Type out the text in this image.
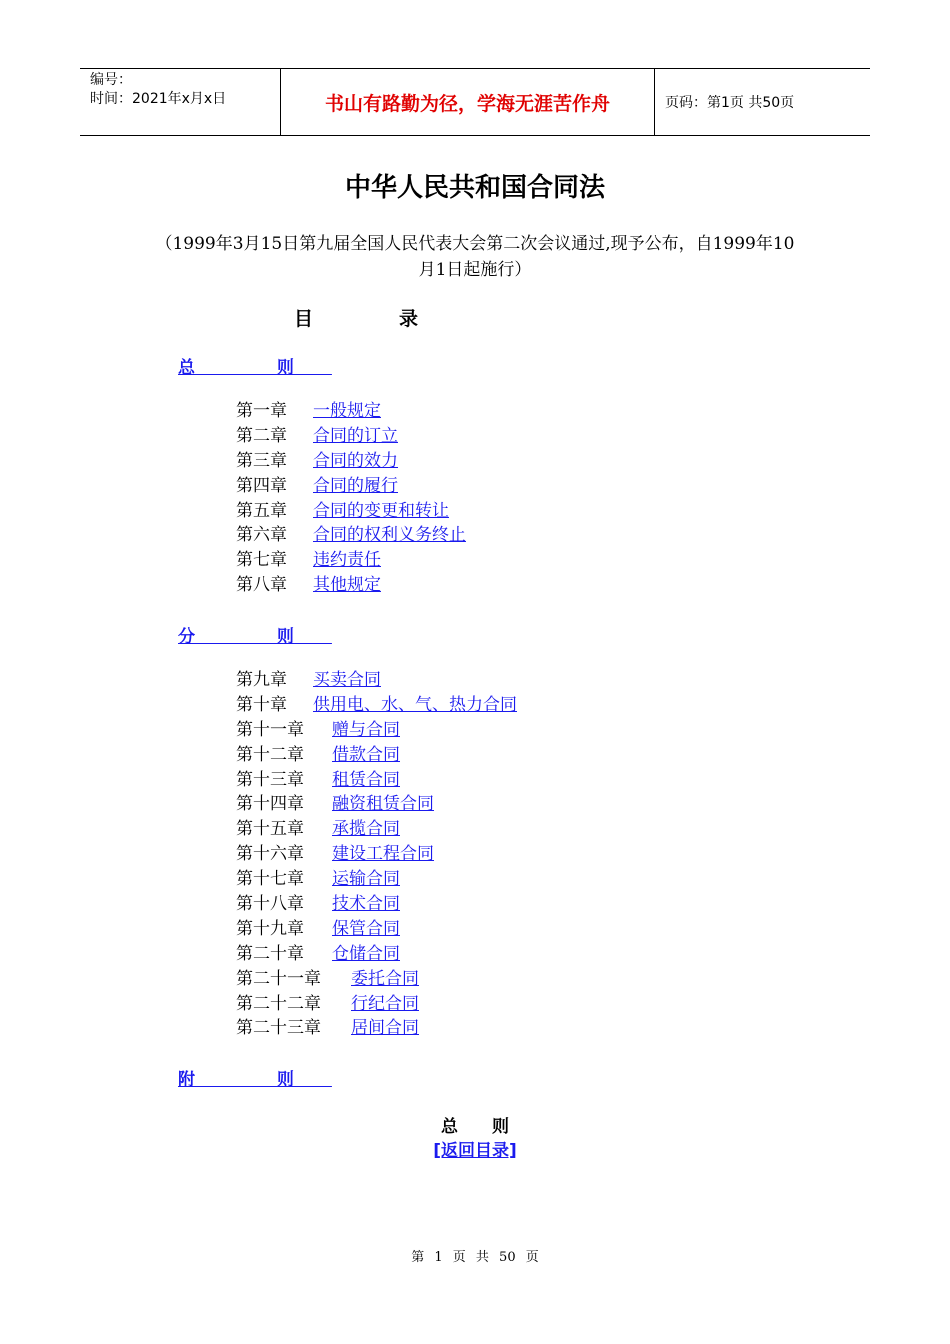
编号：
时间：2021年x月x日	书山有路勤为径，学海无涯苦作舟	页码：第1页 共50页
中华人民共和国合同法
（1999年3月15日第九届全国人民代表大会第二次会议通过,现予公布，自1999年10月1日起施行）
目	录
总 则
第一章 一般规定
第二章 合同的订立
第三章 合同的效力
第四章 合同的履行
第五章 合同的变更和转让
第六章 合同的权利义务终止
第七章 违约责任
第八章 其他规定
分 则
第九章 买卖合同
第十章 供用电、水、气、热力合同
第十一章 赠与合同
第十二章 借款合同
第十三章 租赁合同
第十四章 融资租赁合同
第十五章 承揽合同
第十六章 建设工程合同
第十七章 运输合同
第十八章 技术合同
第十九章 保管合同
第二十章 仓储合同
第二十一章 委托合同
第二十二章 行纪合同
第二十三章 居间合同
附 则
总 则
[返回目录]
第 1 页 共 50 页
